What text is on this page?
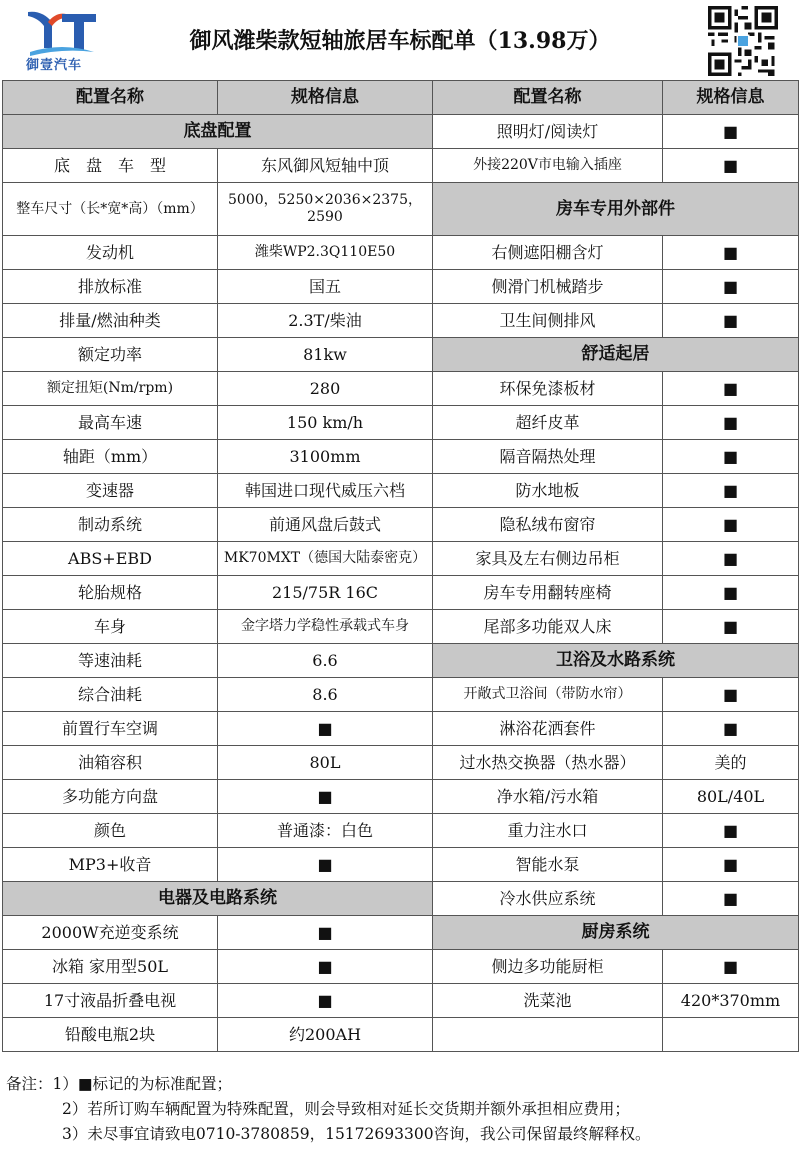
御壹汽车
御风潍柴款短轴旅居车标配单（13.98万）
配置名称	规格信息	配置名称	规格信息
底盘配置		照明灯/阅读灯	■
底　盘　车　型	东风御风短轴中顶	外接220V市电输入插座	■
整车尺寸（长*宽*高）（mm）	5000，5250×2036×2375，2590	房车专用外部件	
发动机	潍柴WP2.3Q110E50	右侧遮阳棚含灯	■
排放标准	国五	侧滑门机械踏步	■
排量/燃油种类	2.3T/柴油	卫生间侧排风	■
额定功率	81kw	舒适起居	
额定扭矩(Nm/rpm)	280	环保免漆板材	■
最高车速	150 km/h	超纤皮革	■
轴距（mm）	3100mm	隔音隔热处理	■
变速器	韩国进口现代威压六档	防水地板	■
制动系统	前通风盘后鼓式	隐私绒布窗帘	■
ABS+EBD	MK70MXT（德国大陆泰密克）	家具及左右侧边吊柜	■
轮胎规格	215/75R 16C	房车专用翻转座椅	■
车身	金字塔力学稳性承载式车身	尾部多功能双人床	■
等速油耗	6.6	卫浴及水路系统	
综合油耗	8.6	开敞式卫浴间（带防水帘）	■
前置行车空调	■	淋浴花洒套件	■
油箱容积	80L	过水热交换器（热水器）	美的
多功能方向盘	■	净水箱/污水箱	80L/40L
颜色	普通漆：白色	重力注水口	■
MP3+收音	■	智能水泵	■
电器及电路系统		冷水供应系统	■
2000W充逆变系统	■	厨房系统	
冰箱 家用型50L	■	侧边多功能厨柜	■
17寸液晶折叠电视	■	洗菜池	420*370mm
铅酸电瓶2块	约200AH		
备注：1）■标记的为标准配置；
2）若所订购车辆配置为特殊配置，则会导致相对延长交货期并额外承担相应费用；
3）未尽事宜请致电0710-3780859，15172693300咨询，我公司保留最终解释权。
